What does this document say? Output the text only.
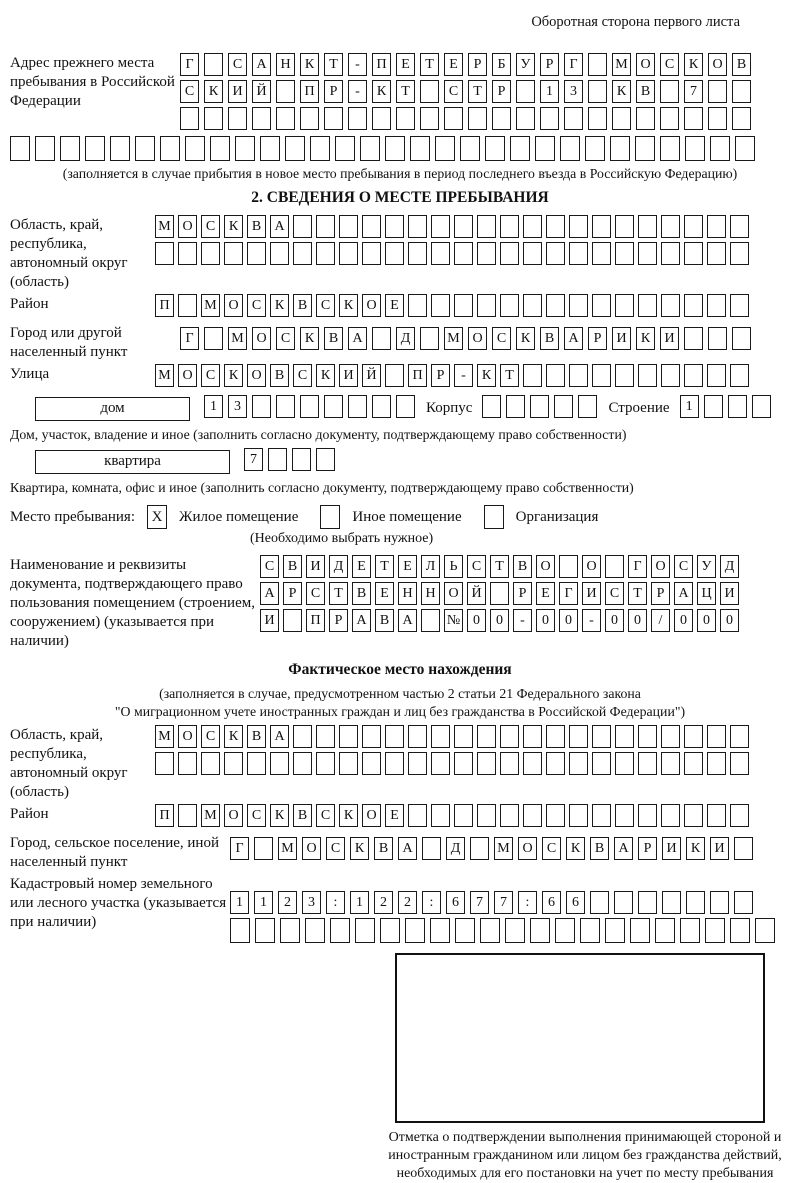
Оборотная сторона первого листа
Адрес прежнего места пребывания в Российской Федерации
Г	С	А Н	К	Т	-	П	Е	Т	Е	Р	Б	У	Р	Г	М О	С	К	О	В
С	К	И Й	П	Р	-	К	Т	С	Т	Р	1	3	К	В	7
(заполняется в случае прибытия в новое место пребывания в период последнего въезда в Российскую Федерацию)
2. СВЕДЕНИЯ О МЕСТЕ ПРЕБЫВАНИЯ
Область, край, республика, автономный округ (область)
М О С К В А
Район	П	М О С К В С К О Е
Город или другой населенный пункт
Г	М О	С	К	В	А	Д	М О	С	К	В	А	Р	И	К	И
Улица	М О С К О В С К И Й	П	Р	-	К	Т
дом	1	3	Корпус	Строение	1
Дом, участок, владение и иное (заполнить согласно документу, подтверждающему право собственности)
квартира	7
Квартира, комната, офис и иное (заполнить согласно документу, подтверждающему право собственности)
Место пребывания:	X	Жилое помещение	Иное помещение	Организация
(Необходимо выбрать нужное)
Наименование и реквизиты документа, подтверждающего право пользования помещением (строением, сооружением) (указывается при наличии)
С В И Д Е	Т	Е Л	Ь	С	Т	В О	О	Г О С У Д
А	Р	С	Т	В	Е Н Н О Й	Р	Е	Г И С	Т	Р	А Ц И
И	П	Р	А В А	№ 0	0	-	0	0	-	0	0	/	0	0	0
Фактическое место нахождения
(заполняется в случае, предусмотренном частью 2 статьи 21 Федерального закона
"О миграционном учете иностранных граждан и лиц без гражданства в Российской Федерации")
Область, край, республика, автономный округ (область)
М О С К В А
Район	П	М О С К В С К О Е
Город, сельское поселение, иной населенный пункт
Г	М О	С	К	В	А	Д	М О	С	К	В	А	Р	И	К	И
Кадастровый номер земельного или лесного участка (указывается при наличии)
1	1	2	3	:	1	2	2	:	6	7	7	:	6	6
Отметка о подтверждении выполнения принимающей стороной и иностранным гражданином или лицом без гражданства действий, необходимых для его постановки на учет по месту пребывания
